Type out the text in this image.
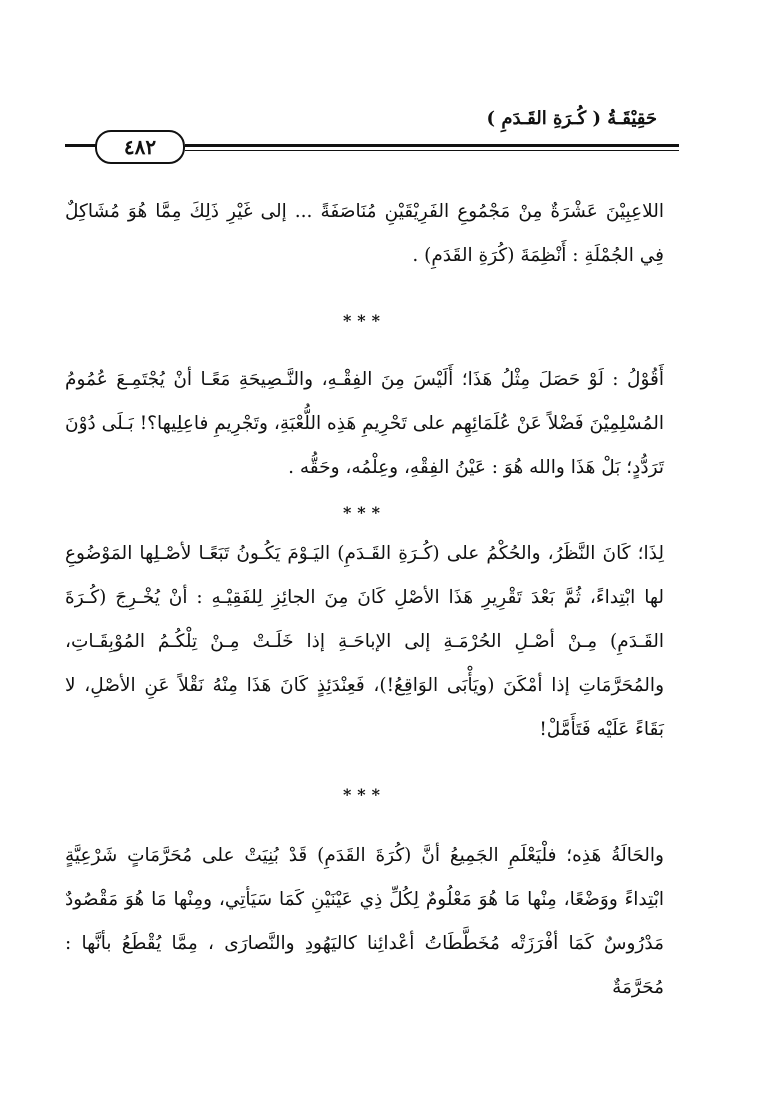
حَقِيْقَـةُ ( كُـرَةِ القَـدَمِ )
٤٨٢

اللاعِبِيْنَ عَشْرَةٌ مِنْ مَجْمُوعِ الفَرِيْقَيْنِ مُنَاصَفَةً ... إلى غَيْرِ ذَلِكَ مِمَّا هُوَ مُشَاكِلٌ فِي الجُمْلَةِ : أَنْظِمَةَ (كُرَةِ القَدَمِ) .

***

أَقُوْلُ : لَوْ حَصَلَ مِثْلُ هَذَا؛ أَلَيْسَ مِنَ الفِقْـهِ، والنَّـصِيحَةِ مَعًـا أنْ يُجْتَمِـعَ عُمُومُ المُسْلِمِيْنَ فَضْلاً عَنْ عُلَمَائِهِم على تَحْرِيمِ هَذِه اللُّعْبَةِ، وتَجْرِيمِ فاعِلِيها؟! بَـلَى دُوْنَ تَرَدُّدٍ؛ بَلْ هَذَا والله هُوَ : عَيْنُ الفِقْهِ، وعِلْمُه، وحَقُّه .

***

لِذَا؛ كَانَ النَّظَرُ، والحُكْمُ على (كُـرَةِ القَـدَمِ) اليَـوْمَ يَكُـونُ تَبَعًـا لأصْـلِها المَوْضُوعِ لها ابْتِداءً، ثُمَّ بَعْدَ تَقْرِيرِ هَذَا الأصْلِ كَانَ مِنَ الجائِزِ لِلفَقِيْـهِ : أنْ يُخْـرِجَ (كُـرَةَ القَـدَمِ) مِـنْ أصْـلِ الحُرْمَـةِ إلى الإباحَـةِ إذا خَلَـتْ مِـنْ تِلْكُـمُ المُوْبِقَـاتِ، والمُحَرَّمَاتِ إذا أمْكَنَ (ويَأْبَى الوَاقِعُ!)، فَعِنْدَئِذٍ كَانَ هَذَا مِنْهُ نَقْلاً عَنِ الأصْلِ، لا بَقَاءً عَلَيْه فَتَأَمَّلْ!

***

والحَالَةُ هَذِه؛ فلْيَعْلَمِ الجَمِيعُ أنَّ (كُرَةَ القَدَمِ) قَدْ بُنِيَتْ على مُحَرَّمَاتٍ شَرْعِيَّةٍ ابْتِداءً ووَضْعًا، مِنْها مَا هُوَ مَعْلُومٌ لِكُلِّ ذِي عَيْنَيْنِ كَمَا سَيَأتِي، ومِنْها مَا هُوَ مَقْصُودٌ مَدْرُوسٌ كَمَا أفْرَزَتْه مُخَطَّطَاتُ أعْدائِنا كاليَهُودِ والنَّصارَى ، مِمَّا يُقْطَعُ بأنَّها : مُحَرَّمَةٌ
